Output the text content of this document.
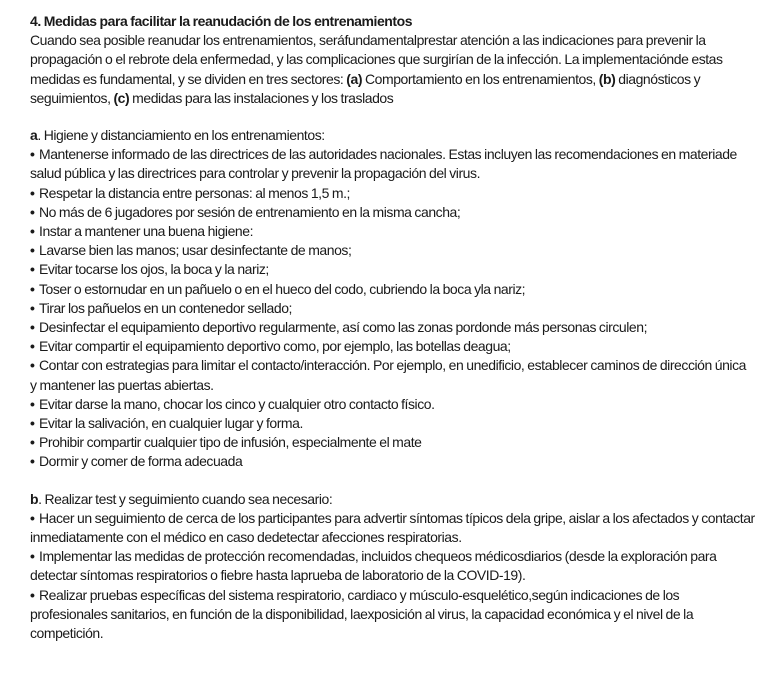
4. Medidas para facilitar la reanudación de los entrenamientos

Cuando sea posible reanudar los entrenamientos, seráfundamentalprestar atención a las indicaciones para prevenir la propagación o el rebrote dela enfermedad, y las complicaciones que surgirían de la infección. La implementaciónde estas medidas es fundamental, y se dividen en tres sectores: (a) Comportamiento en los entrenamientos, (b) diagnósticos y seguimientos, (c) medidas para las instalaciones y los traslados

a. Higiene y distanciamiento en los entrenamientos:

• Mantenerse informado de las directrices de las autoridades nacionales. Estas incluyen las recomendaciones en materiade salud pública y las directrices para controlar y prevenir la propagación del virus.

• Respetar la distancia entre personas: al menos 1,5 m.;

• No más de 6 jugadores por sesión de entrenamiento en la misma cancha;

• Instar a mantener una buena higiene:

• Lavarse bien las manos; usar desinfectante de manos;

• Evitar tocarse los ojos, la boca y la nariz;

• Toser o estornudar en un pañuelo o en el hueco del codo, cubriendo la boca yla nariz;

• Tirar los pañuelos en un contenedor sellado;

• Desinfectar el equipamiento deportivo regularmente, así como las zonas pordonde más personas circulen;

• Evitar compartir el equipamiento deportivo como, por ejemplo, las botellas deagua;

• Contar con estrategias para limitar el contacto/interacción. Por ejemplo, en unedificio, establecer caminos de dirección única y mantener las puertas abiertas.

• Evitar darse la mano, chocar los cinco y cualquier otro contacto físico.

• Evitar la salivación, en cualquier lugar y forma.

• Prohibir compartir cualquier tipo de infusión, especialmente el mate

• Dormir y comer de forma adecuada

b. Realizar test y seguimiento cuando sea necesario:

• Hacer un seguimiento de cerca de los participantes para advertir síntomas típicos dela gripe, aislar a los afectados y contactar inmediatamente con el médico en caso dedetectar afecciones respiratorias.

• Implementar las medidas de protección recomendadas, incluidos chequeos médicosdiarios (desde la exploración para detectar síntomas respiratorios o fiebre hasta laprueba de laboratorio de la COVID-19).

• Realizar pruebas específicas del sistema respiratorio, cardiaco y músculo-esquelético,según indicaciones de los profesionales sanitarios, en función de la disponibilidad, laexposición al virus, la capacidad económica y el nivel de la competición.
